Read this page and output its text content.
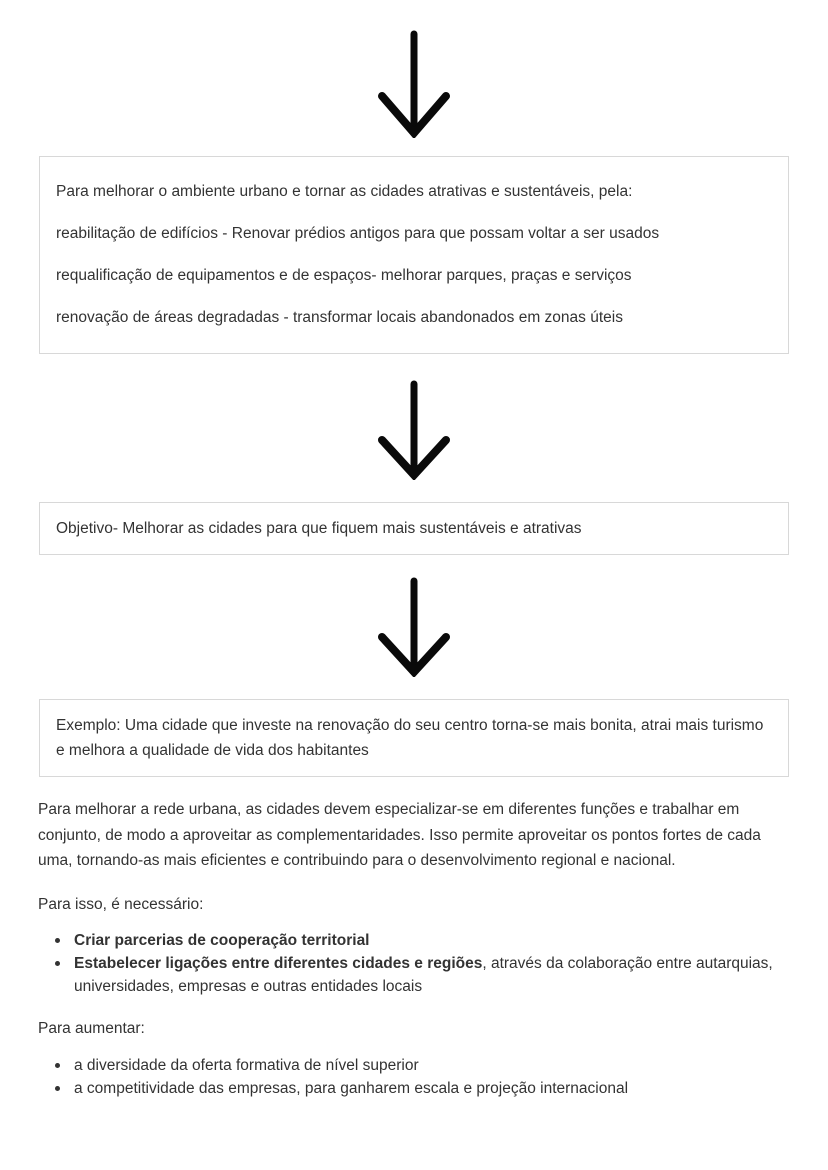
Para melhorar o ambiente urbano e tornar as cidades atrativas e sustentáveis, pela:
reabilitação de edifícios - Renovar prédios antigos para que possam voltar a ser usados
requalificação de equipamentos e de espaços- melhorar parques, praças e serviços
renovação de áreas degradadas - transformar locais abandonados em zonas úteis
Objetivo- Melhorar as cidades para que fiquem mais sustentáveis e atrativas
Exemplo: Uma cidade que investe na renovação do seu centro torna-se mais bonita, atrai mais turismo e melhora a qualidade de vida dos habitantes

Para melhorar a rede urbana, as cidades devem especializar-se em diferentes funções e trabalhar em conjunto, de modo a aproveitar as complementaridades. Isso permite aproveitar os pontos fortes de cada uma, tornando-as mais eficientes e contribuindo para o desenvolvimento regional e nacional.

Para isso, é necessário:

Criar parcerias de cooperação territorial
Estabelecer ligações entre diferentes cidades e regiões, através da colaboração entre autarquias, universidades, empresas e outras entidades locais

Para aumentar:

a diversidade da oferta formativa de nível superior
a competitividade das empresas, para ganharem escala e projeção internacional
